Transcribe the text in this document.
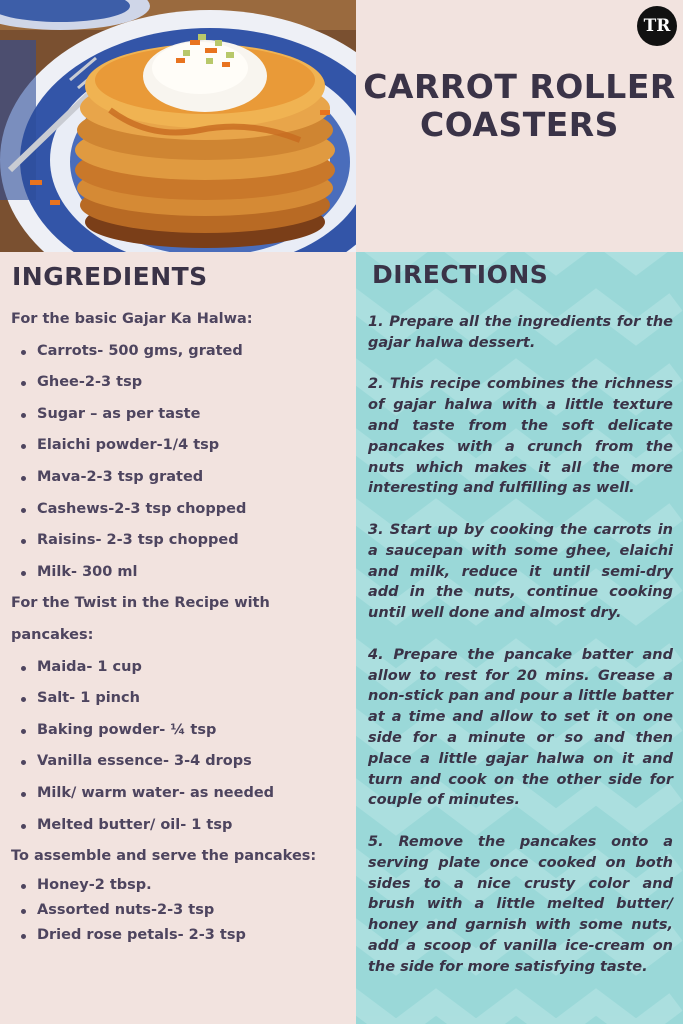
TR
CARROT ROLLER
COASTERS
INGREDIENTS
For the basic Gajar Ka Halwa:
Carrots- 500 gms, grated
Ghee-2-3 tsp
Sugar – as per taste
Elaichi powder-1/4 tsp
Mava-2-3 tsp grated
Cashews-2-3 tsp chopped
Raisins- 2-3 tsp chopped
Milk- 300 ml
For the Twist in the Recipe with
pancakes:
Maida- 1 cup
Salt- 1 pinch
Baking powder- ¼ tsp
Vanilla essence- 3-4 drops
Milk/ warm water- as needed
Melted butter/ oil- 1 tsp
To assemble and serve the pancakes:
Honey-2 tbsp.
Assorted nuts-2-3 tsp
Dried rose petals- 2-3 tsp
DIRECTIONS

1. Prepare all the ingredients for the gajar halwa dessert.

2. This recipe combines the richness of gajar halwa with a little texture and taste from the soft delicate pancakes with a crunch from the nuts which makes it all the more interesting and fulfilling as well.

3. Start up by cooking the carrots in a saucepan with some ghee, elaichi and milk, reduce it until semi-dry add in the nuts, continue cooking until well done and almost dry.

4. Prepare the pancake batter and allow to rest for 20 mins. Grease a non-stick pan and pour a little batter at a time and allow to set it on one side for a minute or so and then place a little gajar halwa on it and turn and cook on the other side for couple of minutes.

5. Remove the pancakes onto a serving plate once cooked on both sides to a nice crusty color and brush with a little melted butter/ honey and garnish with some nuts, add a scoop of vanilla ice-cream on the side for more satisfying taste.
